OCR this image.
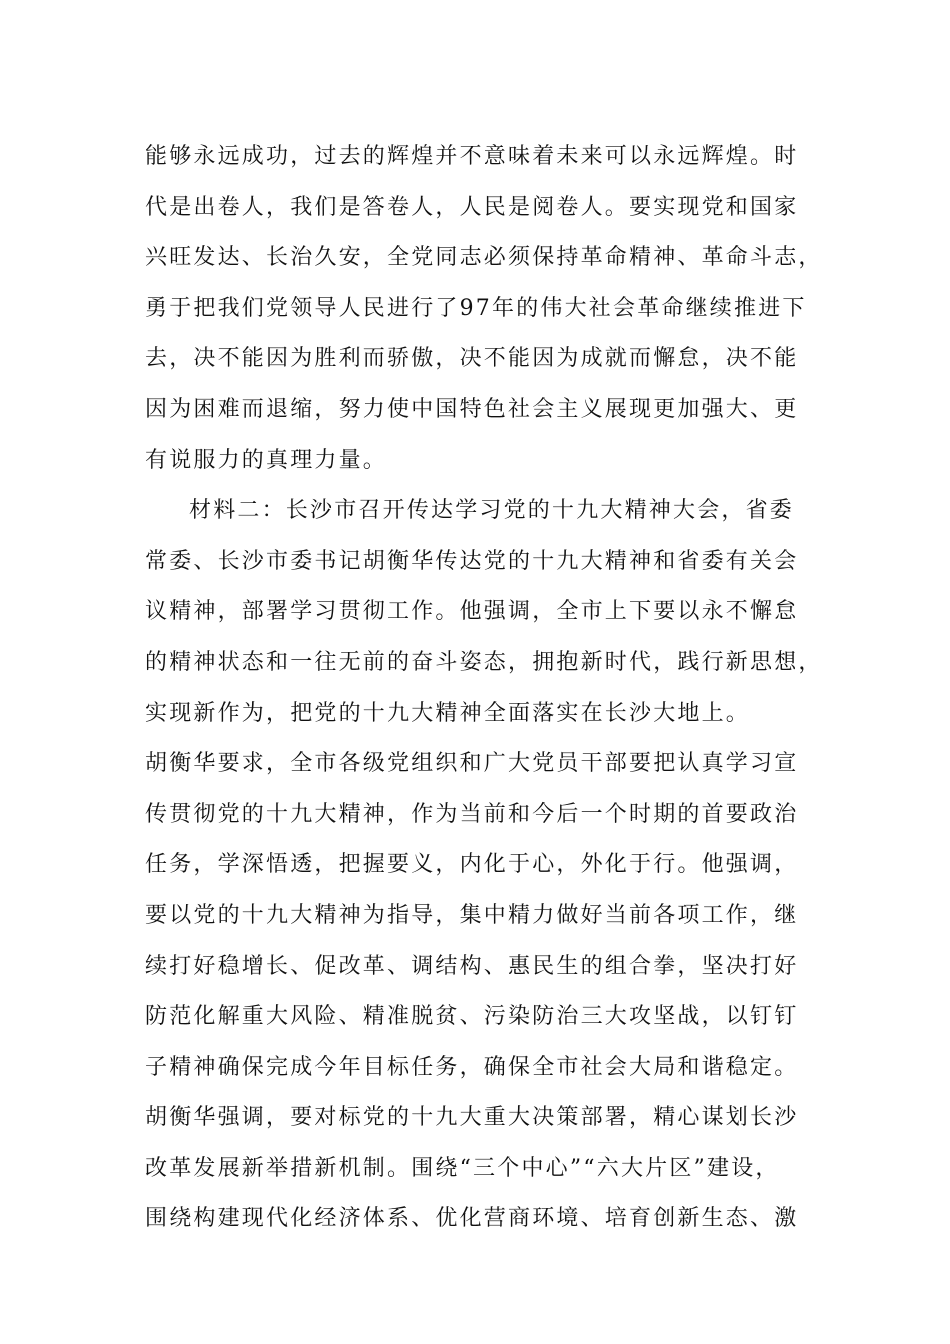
能够永远成功，过去的辉煌并不意味着未来可以永远辉煌。时
代是出卷人，我们是答卷人，人民是阅卷人。要实现党和国家
兴旺发达、长治久安，全党同志必须保持革命精神、革命斗志，
勇于把我们党领导人民进行了97年的伟大社会革命继续推进下
去，决不能因为胜利而骄傲，决不能因为成就而懈怠，决不能
因为困难而退缩，努力使中国特色社会主义展现更加强大、更
有说服力的真理力量。
材料二：长沙市召开传达学习党的十九大精神大会，省委
常委、长沙市委书记胡衡华传达党的十九大精神和省委有关会
议精神，部署学习贯彻工作。他强调，全市上下要以永不懈怠
的精神状态和一往无前的奋斗姿态，拥抱新时代，践行新思想，
实现新作为，把党的十九大精神全面落实在长沙大地上。
胡衡华要求，全市各级党组织和广大党员干部要把认真学习宣
传贯彻党的十九大精神，作为当前和今后一个时期的首要政治
任务，学深悟透，把握要义，内化于心，外化于行。他强调，
要以党的十九大精神为指导，集中精力做好当前各项工作，继
续打好稳增长、促改革、调结构、惠民生的组合拳，坚决打好
防范化解重大风险、精准脱贫、污染防治三大攻坚战，以钉钉
子精神确保完成今年目标任务，确保全市社会大局和谐稳定。
胡衡华强调，要对标党的十九大重大决策部署，精心谋划长沙
改革发展新举措新机制。围绕“三个中心”“六大片区”建设，
围绕构建现代化经济体系、优化营商环境、培育创新生态、激
